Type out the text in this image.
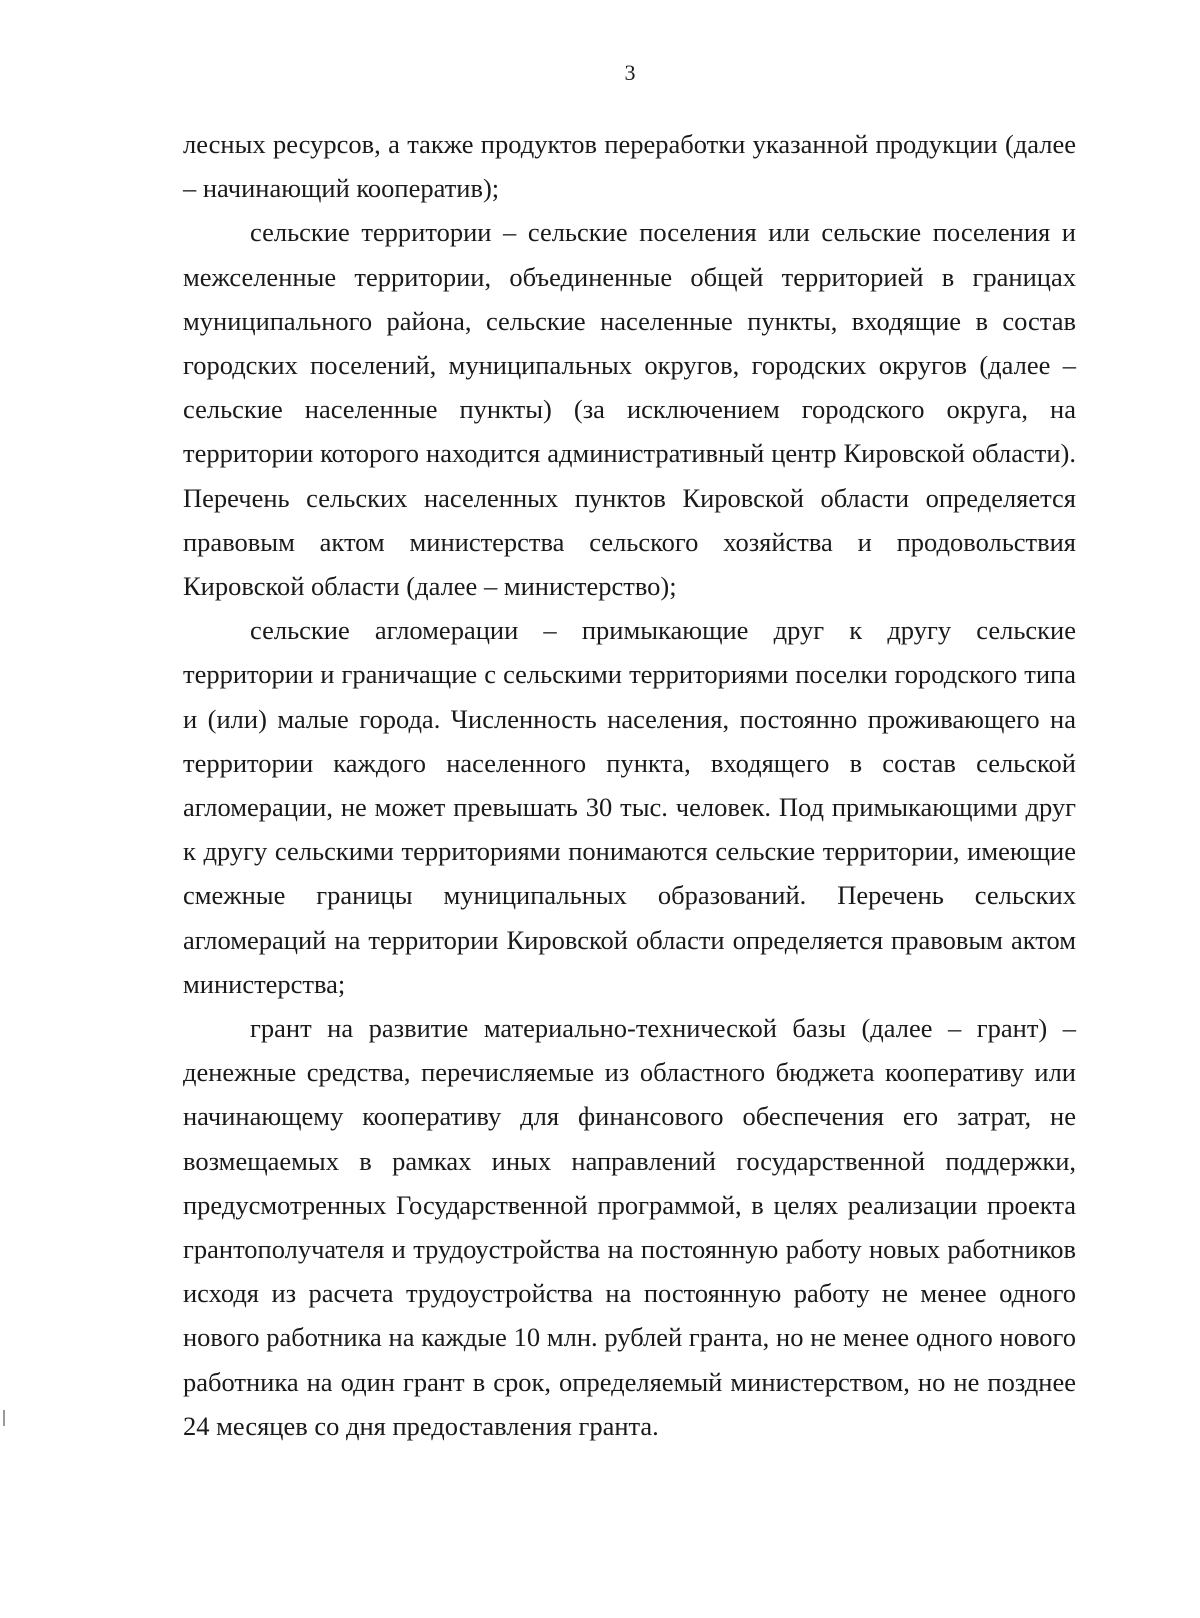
3

лесных ресурсов, а также продуктов переработки указанной продукции (далее – начинающий кооператив);

сельские территории – сельские поселения или сельские поселения и межселенные территории, объединенные общей территорией в границах муниципального района, сельские населенные пункты, входящие в состав городских поселений, муниципальных округов, городских округов (далее – сельские населенные пункты) (за исключением городского округа, на территории которого находится административный центр Кировской области). Перечень сельских населенных пунктов Кировской области определяется правовым актом министерства сельского хозяйства и продовольствия Кировской области (далее – министерство);

сельские агломерации – примыкающие друг к другу сельские территории и граничащие с сельскими территориями поселки городского типа и (или) малые города. Численность населения, постоянно проживающего на территории каждого населенного пункта, входящего в состав сельской агломерации, не может превышать 30 тыс. человек. Под примыкающими друг к другу сельскими территориями понимаются сельские территории, имеющие смежные границы муниципальных образований. Перечень сельских агломераций на территории Кировской области определяется правовым актом министерства;

грант на развитие материально-технической базы (далее – грант) – денежные средства, перечисляемые из областного бюджета кооперативу или начинающему кооперативу для финансового обеспечения его затрат, не возмещаемых в рамках иных направлений государственной поддержки, предусмотренных Государственной программой, в целях реализации проекта грантополучателя и трудоустройства на постоянную работу новых работников исходя из расчета трудоустройства на постоянную работу не менее одного нового работника на каждые 10 млн. рублей гранта, но не менее одного нового работника на один грант в срок, определяемый министерством, но не позднее 24 месяцев со дня предоставления гранта.
